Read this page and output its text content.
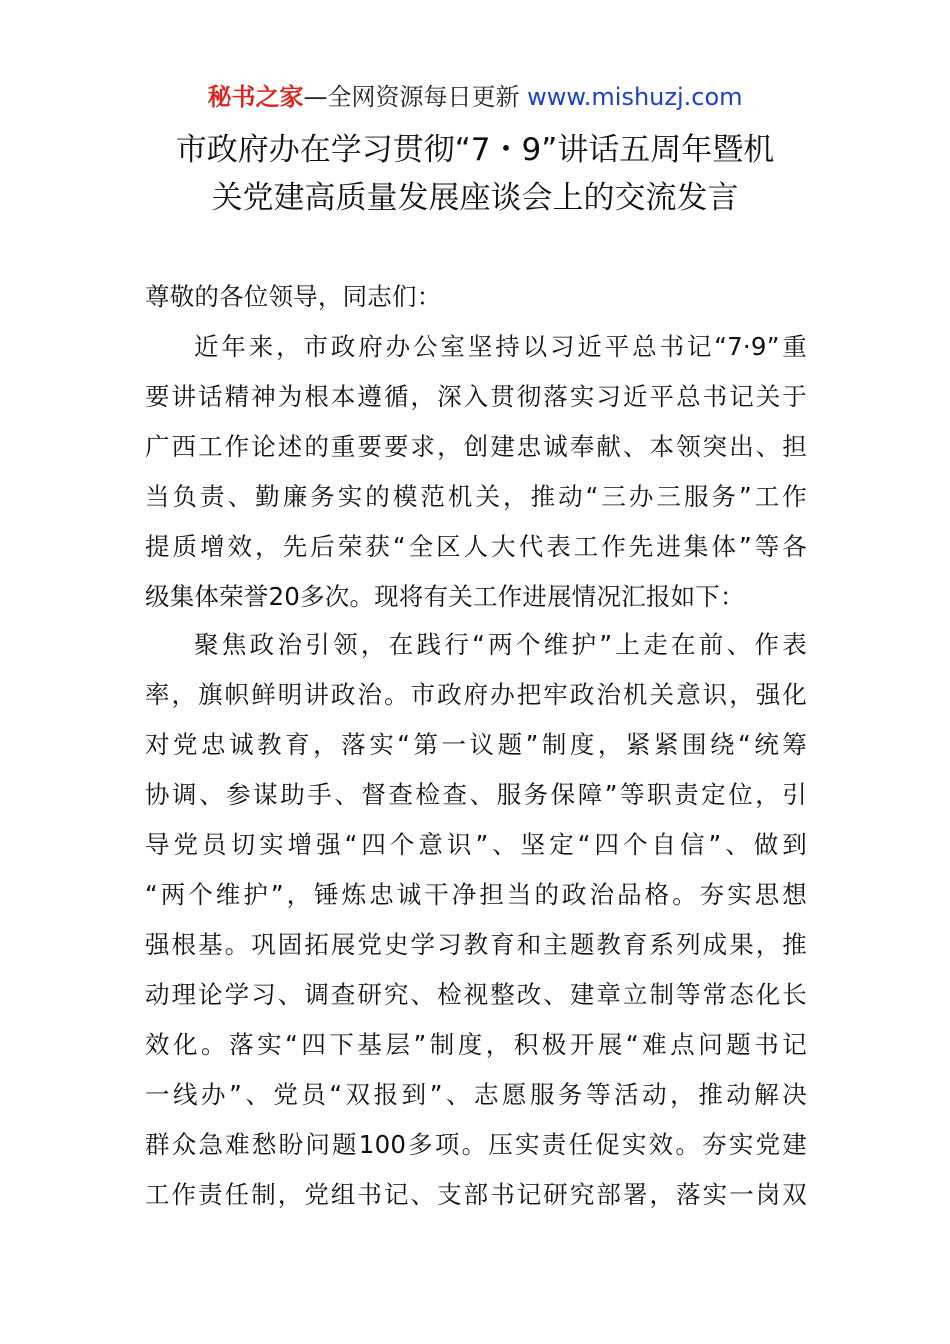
秘书之家—全网资源每日更新 www.mishuzj.com
市政府办在学习贯彻“7・9”讲话五周年暨机
关党建高质量发展座谈会上的交流发言
尊敬的各位领导，同志们：
近年来，市政府办公室坚持以习近平总书记“7·9”重
要讲话精神为根本遵循，深入贯彻落实习近平总书记关于
广西工作论述的重要要求，创建忠诚奉献、本领突出、担
当负责、勤廉务实的模范机关，推动“三办三服务”工作
提质增效，先后荣获“全区人大代表工作先进集体”等各
级集体荣誉20多次。现将有关工作进展情况汇报如下：
聚焦政治引领，在践行“两个维护”上走在前、作表
率，旗帜鲜明讲政治。市政府办把牢政治机关意识，强化
对党忠诚教育，落实“第一议题”制度，紧紧围绕“统筹
协调、参谋助手、督查检查、服务保障”等职责定位，引
导党员切实增强“四个意识”、坚定“四个自信”、做到
“两个维护”，锤炼忠诚干净担当的政治品格。夯实思想
强根基。巩固拓展党史学习教育和主题教育系列成果，推
动理论学习、调查研究、检视整改、建章立制等常态化长
效化。落实“四下基层”制度，积极开展“难点问题书记
一线办”、党员“双报到”、志愿服务等活动，推动解决
群众急难愁盼问题100多项。压实责任促实效。夯实党建
工作责任制，党组书记、支部书记研究部署，落实一岗双
